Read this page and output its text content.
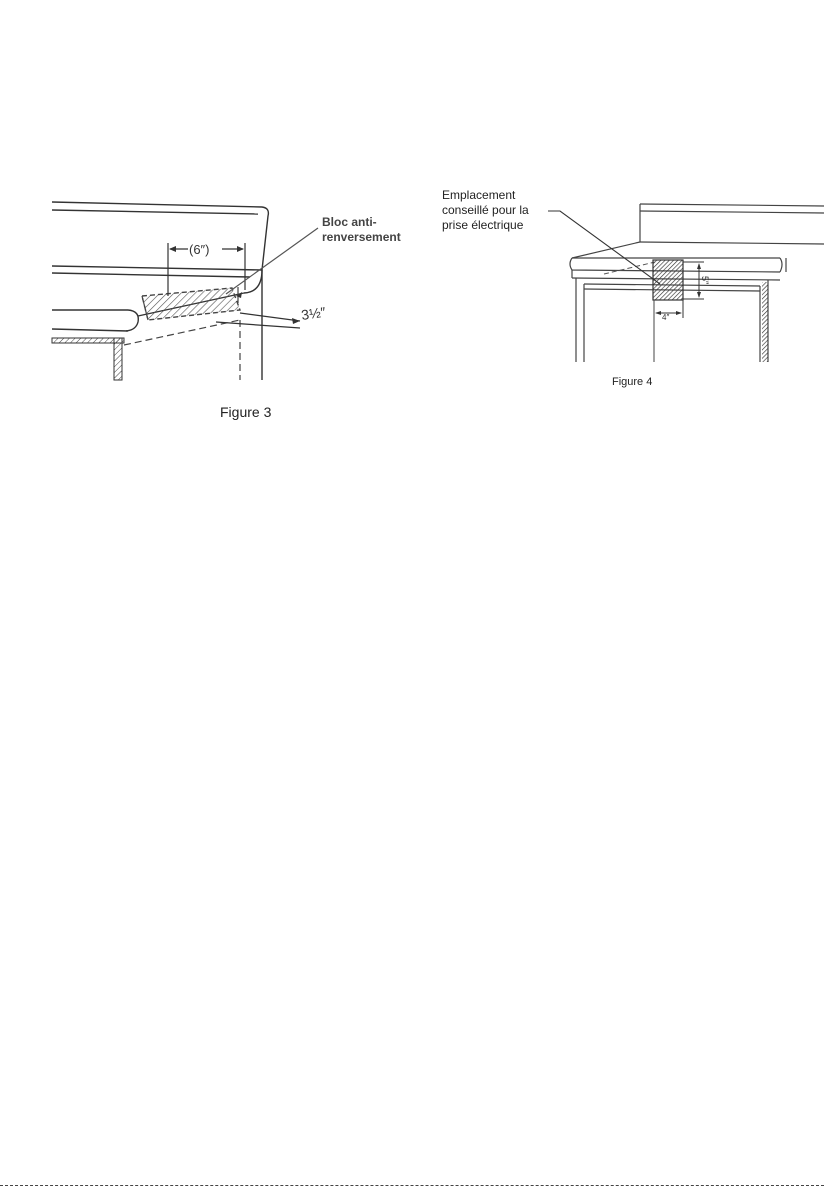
(6″)
3½″
Bloc anti-
renversement
Figure 3
4″
5″
Emplacement
conseillé pour la
prise électrique
Figure 4
